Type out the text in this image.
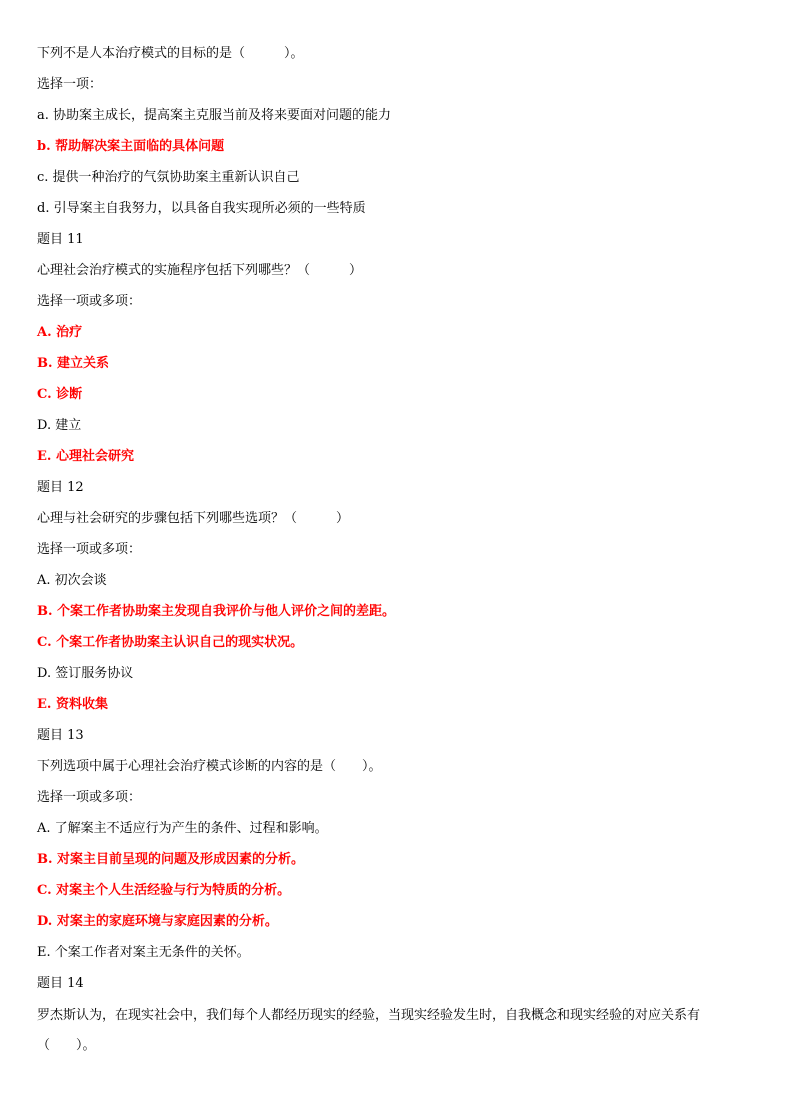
下列不是人本治疗模式的目标的是（　　　）。
选择一项：
a. 协助案主成长，提高案主克服当前及将来要面对问题的能力
b. 帮助解决案主面临的具体问题
c. 提供一种治疗的气氛协助案主重新认识自己
d. 引导案主自我努力，以具备自我实现所必须的一些特质
题目 11
心理社会治疗模式的实施程序包括下列哪些？（　　　）
选择一项或多项：
A. 治疗
B. 建立关系
C. 诊断
D. 建立
E. 心理社会研究
题目 12
心理与社会研究的步骤包括下列哪些选项？（　　　）
选择一项或多项：
A. 初次会谈
B. 个案工作者协助案主发现自我评价与他人评价之间的差距。
C. 个案工作者协助案主认识自己的现实状况。
D. 签订服务协议
E. 资料收集
题目 13
下列选项中属于心理社会治疗模式诊断的内容的是（　　）。
选择一项或多项：
A. 了解案主不适应行为产生的条件、过程和影响。
B. 对案主目前呈现的问题及形成因素的分析。
C. 对案主个人生活经验与行为特质的分析。
D. 对案主的家庭环境与家庭因素的分析。
E. 个案工作者对案主无条件的关怀。
题目 14
罗杰斯认为，在现实社会中，我们每个人都经历现实的经验，当现实经验发生时，自我概念和现实经验的对应关系有（　　）。
